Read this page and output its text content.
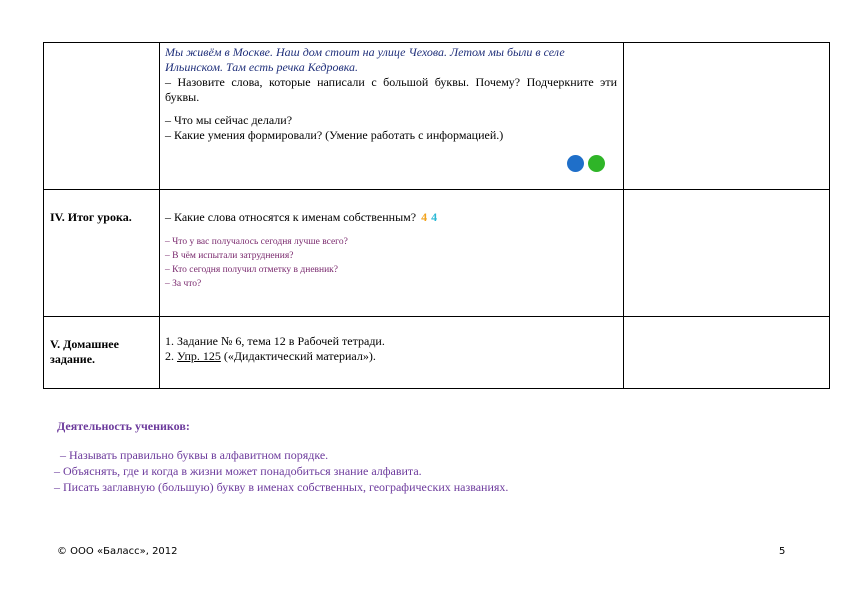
	Мы живём в Москве. Наш дом стоит на улице Чехова. Летом мы были в селе Ильинском. Там есть речка Кедровка.
– Назовите слова, которые написали с большой буквы. Почему? Подчеркните эти буквы.
– Что мы сейчас делали?
– Какие умения формировали? (Умение работать с информацией.)	

IV. Итог урока.	– Какие слова относятся к именам собственным? 4 4
– Что у вас получалось сегодня лучше всего?
– В чём испытали затруднения?
– Кто сегодня получил отметку в дневник?
– За что?	

V. Домашнее задание.	1. Задание № 6, тема 12 в Рабочей тетради.
2. Упр. 125 («Дидактический материал»).	

Деятельность учеников:
– Называть правильно буквы в алфавитном порядке.
– Объяснять, где и когда в жизни может понадобиться знание алфавита.
– Писать заглавную (большую) букву в именах собственных, географических названиях.
© ООО «Баласс», 2012	5
